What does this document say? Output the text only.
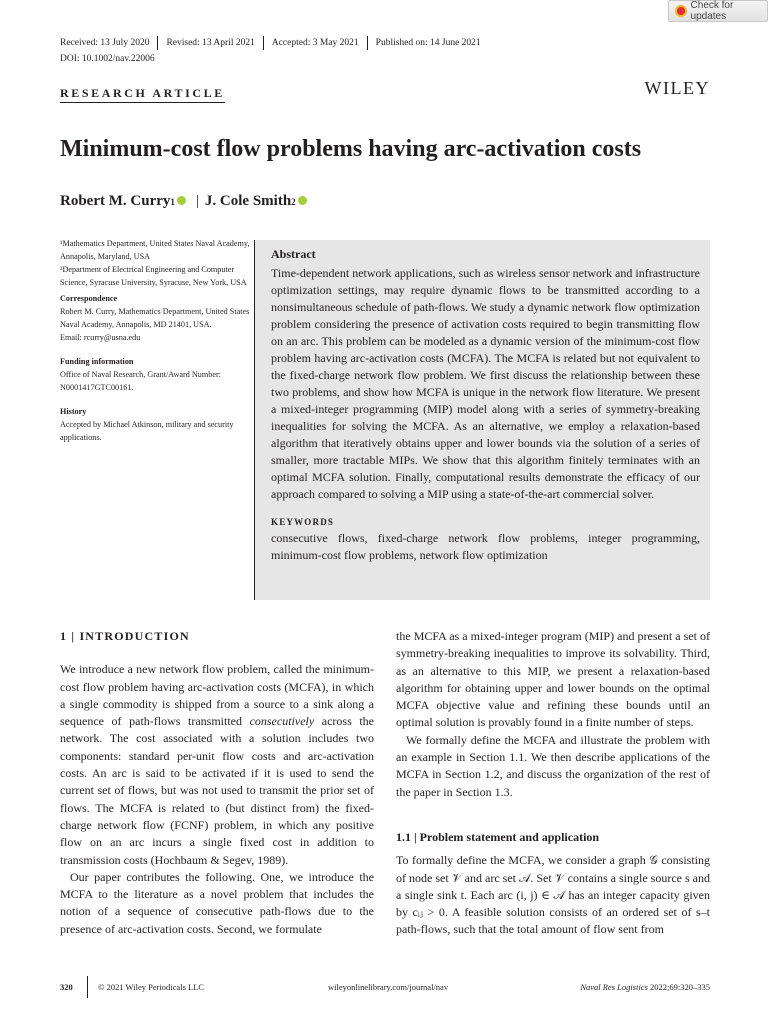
Check for updates
Received: 13 July 2020	Revised: 13 April 2021	Accepted: 3 May 2021	Published on: 14 June 2021
DOI: 10.1002/nav.22006
RESEARCH ARTICLE	WILEY
Minimum-cost flow problems having arc-activation costs
Robert M. Curry 1 | J. Cole Smith 2

¹Mathematics Department, United States Naval Academy, Annapolis, Maryland, USA

²Department of Electrical Engineering and Computer Science, Syracuse University, Syracuse, New York, USA

Correspondence

Robert M. Curry, Mathematics Department, United States Naval Academy, Annapolis, MD 21401, USA.

Email: rcurry@usna.edu

Funding information

Office of Naval Research, Grant/Award Number: N0001417GTC00161.

History

Accepted by Michael Atkinson, military and security applications.

Abstract

Time-dependent network applications, such as wireless sensor network and infrastructure optimization settings, may require dynamic flows to be transmitted according to a nonsimultaneous schedule of path-flows. We study a dynamic network flow optimization problem considering the presence of activation costs required to begin transmitting flow on an arc. This problem can be modeled as a dynamic version of the minimum-cost flow problem having arc-activation costs (MCFA). The MCFA is related but not equivalent to the fixed-charge network flow problem. We first discuss the relationship between these two problems, and show how MCFA is unique in the network flow literature. We present a mixed-integer programming (MIP) model along with a series of symmetry-breaking inequalities for solving the MCFA. As an alternative, we employ a relaxation-based algorithm that iteratively obtains upper and lower bounds via the solution of a series of smaller, more tractable MIPs. We show that this algorithm finitely terminates with an optimal MCFA solution. Finally, computational results demonstrate the efficacy of our approach compared to solving a MIP using a state-of-the-art commercial solver.

KEYWORDS

consecutive flows, fixed-charge network flow problems, integer programming, minimum-cost flow problems, network flow optimization

1 | INTRODUCTION

We introduce a new network flow problem, called the minimum-cost flow problem having arc-activation costs (MCFA), in which a single commodity is shipped from a source to a sink along a sequence of path-flows transmitted consecutively across the network. The cost associated with a solution includes two components: standard per-unit flow costs and arc-activation costs. An arc is said to be activated if it is used to send the current set of flows, but was not used to transmit the prior set of flows. The MCFA is related to (but distinct from) the fixed-charge network flow (FCNF) problem, in which any positive flow on an arc incurs a single fixed cost in addition to transmission costs (Hochbaum & Segev, 1989).

Our paper contributes the following. One, we introduce the MCFA to the literature as a novel problem that includes the notion of a sequence of consecutive path-flows due to the presence of arc-activation costs. Second, we formulate

the MCFA as a mixed-integer program (MIP) and present a set of symmetry-breaking inequalities to improve its solvability. Third, as an alternative to this MIP, we present a relaxation-based algorithm for obtaining upper and lower bounds on the optimal MCFA objective value and refining these bounds until an optimal solution is provably found in a finite number of steps.

We formally define the MCFA and illustrate the problem with an example in Section 1.1. We then describe applications of the MCFA in Section 1.2, and discuss the organization of the rest of the paper in Section 1.3.

1.1 | Problem statement and application

To formally define the MCFA, we consider a graph 𝒢 consisting of node set 𝒱 and arc set 𝒜. Set 𝒱 contains a single source s and a single sink t. Each arc (i, j) ∈ 𝒜 has an integer capacity given by cᵢⱼ > 0. A feasible solution consists of an ordered set of s–t path-flows, such that the total amount of flow sent from

320	© 2021 Wiley Periodicals LLC	wileyonlinelibrary.com/journal/nav	Naval Res Logistics 2022;69:320–335
